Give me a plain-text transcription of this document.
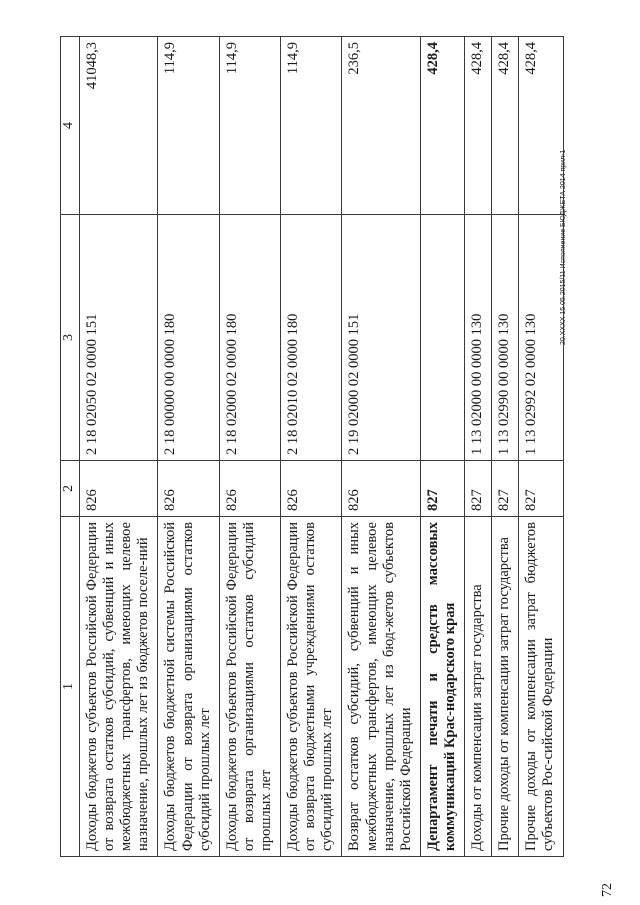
1	2	3	4
Доходы бюджетов субъектов Российской Федерации от возврата остатков субсидий, субвенций и иных межбюджетных трансфертов, имеющих целевое назначение, прошлых лет из бюджетов поселе-ний	826	2 18 02050 02 0000 151	41048,3
Доходы бюджетов бюджетной системы Российской Федерации от возврата организациями остатков субсидий прошлых лет	826	2 18 00000 00 0000 180	114,9
Доходы бюджетов субъектов Российской Федерации от возврата организациями остатков субсидий прошлых лет	826	2 18 02000 02 0000 180	114,9
Доходы бюджетов субъектов Российской Федерации от возврата бюджетными учреждениями остатков субсидий прошлых лет	826	2 18 02010 02 0000 180	114,9
Возврат остатков субсидий, субвенций и иных межбюджетных трансфертов, имеющих целевое назначение, прошлых лет из бюд-жетов субъектов Российской Федерации	826	2 19 02000 02 0000 151	236,5
Департамент печати и средств массовых коммуникаций Крас-нодарского края	827		428,4
Доходы от компенсации затрат государства	827	1 13 02000 00 0000 130	428,4
Прочие доходы от компенсации затрат государства	827	1 13 02990 00 0000 130	428,4
Прочие доходы от компенсации затрат бюджетов субъектов Рос-сийской Федерации	827	1 13 02992 02 0000 130	428,4
20.XXXX 15.05.2015/11 Исполнение БЮДЖЕТА 2014 прил-1
72
